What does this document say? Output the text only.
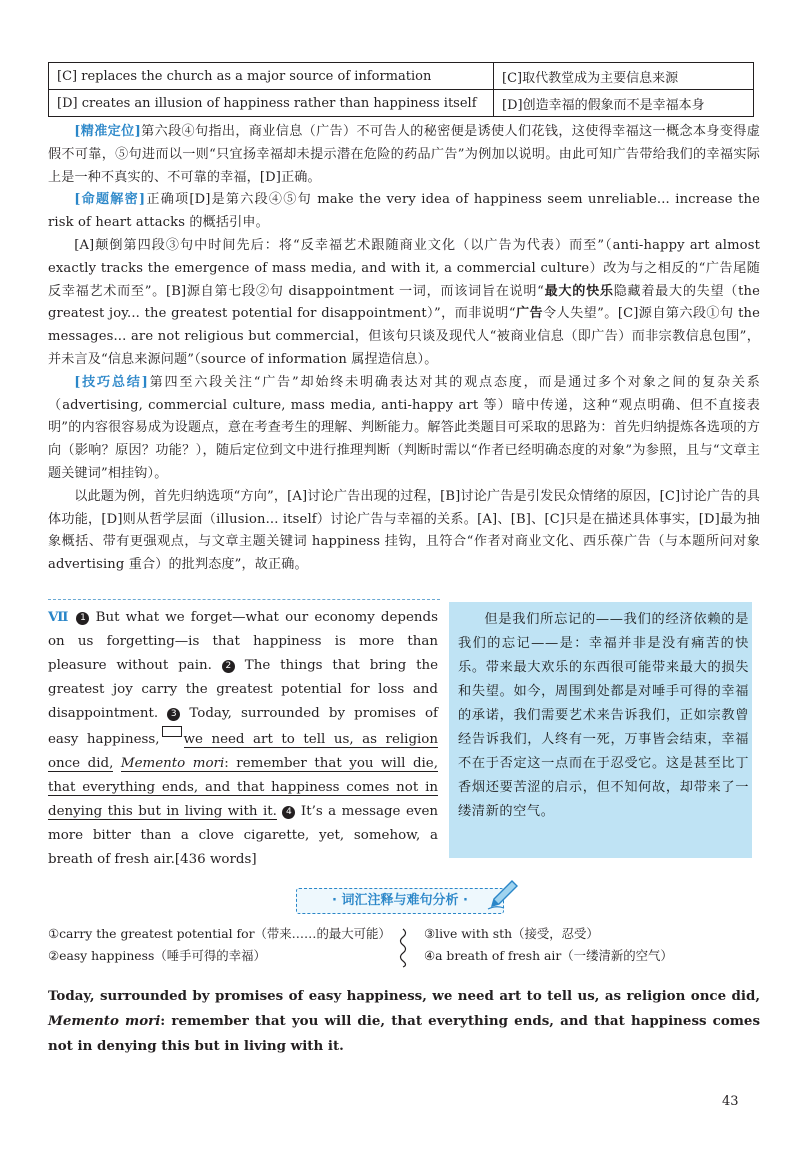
[C] replaces the church as a major source of information	[C]取代教堂成为主要信息来源
[D] creates an illusion of happiness rather than happiness itself	[D]创造幸福的假象而不是幸福本身

[精准定位]第六段④句指出，商业信息（广告）不可告人的秘密便是诱使人们花钱，这使得幸福这一概念本身变得虚假不可靠，⑤句进而以一则“只宜扬幸福却未提示潜在危险的药品广告”为例加以说明。由此可知广告带给我们的幸福实际上是一种不真实的、不可靠的幸福，[D]正确。

[命题解密]正确项[D]是第六段④⑤句 make the very idea of happiness seem unreliable... increase the risk of heart attacks 的概括引申。

[A]颠倒第四段③句中时间先后：将“反幸福艺术跟随商业文化（以广告为代表）而至”（anti-happy art almost exactly tracks the emergence of mass media, and with it, a commercial culture）改为与之相反的“广告尾随反幸福艺术而至”。[B]源自第七段②句 disappointment 一词，而该词旨在说明“最大的快乐隐藏着最大的失望（the greatest joy... the greatest potential for disappointment）”，而非说明“广告令人失望”。[C]源自第六段①句 the messages... are not religious but commercial，但该句只谈及现代人“被商业信息（即广告）而非宗教信息包围”，并未言及“信息来源问题”（source of information 属捏造信息）。

[技巧总结]第四至六段关注“广告”却始终未明确表达对其的观点态度，而是通过多个对象之间的复杂关系（advertising, commercial culture, mass media, anti-happy art 等）暗中传递，这种“观点明确、但不直接表明”的内容很容易成为设题点，意在考查考生的理解、判断能力。解答此类题目可采取的思路为：首先归纳提炼各选项的方向（影响？原因？功能？），随后定位到文中进行推理判断（判断时需以“作者已经明确态度的对象”为参照，且与“文章主题关键词”相挂钩）。

以此题为例，首先归纳选项“方向”，[A]讨论广告出现的过程，[B]讨论广告是引发民众情绪的原因，[C]讨论广告的具体功能，[D]则从哲学层面（illusion... itself）讨论广告与幸福的关系。[A]、[B]、[C]只是在描述具体事实，[D]最为抽象概括、带有更强观点，与文章主题关键词 happiness 挂钩，且符合“作者对商业文化、西乐葆广告（与本题所问对象 advertising 重合）的批判态度”，故正确。

Ⅶ 1 But what we forget—what our economy depends on us forgetting—is that happiness is more than pleasure without pain. 2 The things that bring the greatest joy carry the greatest potential for loss and disappointment. 3 Today, surrounded by promises of easy happiness, we need art to tell us, as religion once did, Memento mori: remember that you will die, that everything ends, and that happiness comes not in denying this but in living with it. 4 It’s a message even more bitter than a clove cigarette, yet, somehow, a breath of fresh air.[436 words]

但是我们所忘记的——我们的经济依赖的是我们的忘记——是：幸福并非是没有痛苦的快乐。带来最大欢乐的东西很可能带来最大的损失和失望。如今，周围到处都是对唾手可得的幸福的承诺，我们需要艺术来告诉我们，正如宗教曾经告诉我们，人终有一死，万事皆会结束，幸福不在于否定这一点而在于忍受它。这是甚至比丁香烟还要苦涩的启示，但不知何故，却带来了一缕清新的空气。

· 词汇注释与难句分析 ·
①carry the greatest potential for（带来……的最大可能）
②easy happiness（唾手可得的幸福）
③live with sth（接受，忍受）
④a breath of fresh air（一缕清新的空气）
Today, surrounded by promises of easy happiness, we need art to tell us, as religion once did, Memento mori: remember that you will die, that everything ends, and that happiness comes not in denying this but in living with it.
43
